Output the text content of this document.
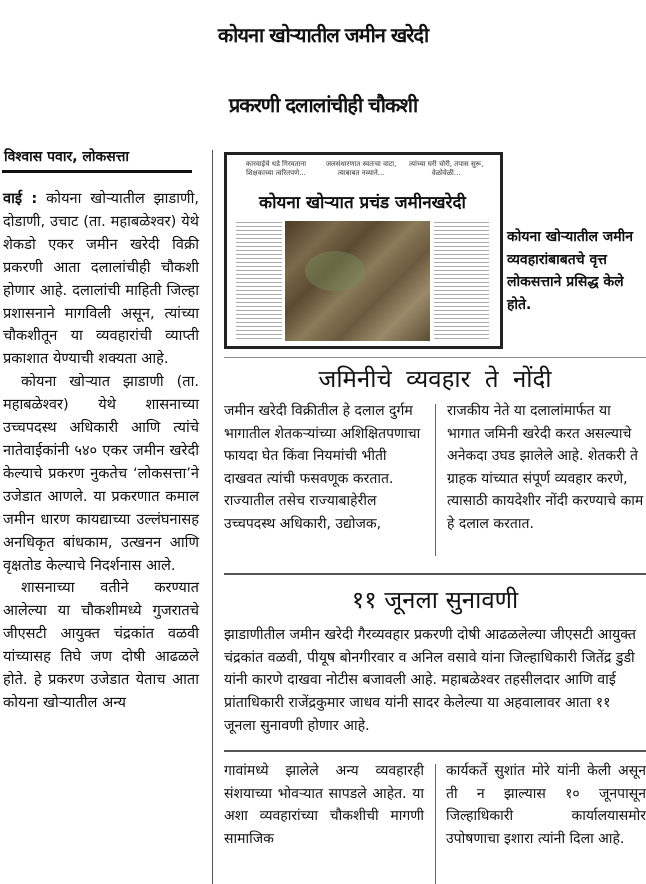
कोयना खोऱ्यातील जमीन खरेदी
प्रकरणी दलालांचीही चौकशी
विश्वास पवार, लोकसत्ता

वाई : कोयना खोऱ्यातील झाडाणी, दोडाणी, उचाट (ता. महाबळेश्वर) येथे शेकडो एकर जमीन खरेदी विक्री प्रकरणी आता दलालांचीही चौकशी होणार आहे. दलालांची माहिती जिल्हा प्रशासनाने मागविली असून, त्यांच्या चौकशीतून या व्यवहारांची व्याप्ती प्रकाशात येण्याची शक्यता आहे.

कोयना खोऱ्यात झाडाणी (ता. महाबळेश्वर) येथे शासनाच्या उच्चपदस्थ अधिकारी आणि त्यांचे नातेवाईकांनी ५४० एकर जमीन खरेदी केल्याचे प्रकरण नुकतेच ‘लोकसत्ता’ने उजेडात आणले. या प्रकरणात कमाल जमीन धारण कायद्याच्या उल्लंघनासह अनधिकृत बांधकाम, उत्खनन आणि वृक्षतोड केल्याचे निदर्शनास आले.

शासनाच्या वतीने करण्यात आलेल्या या चौकशीमध्ये गुजरातचे जीएसटी आयुक्त चंद्रकांत वळवी यांच्यासह तिघे जण दोषी आढळले होते. हे प्रकरण उजेडात येताच आता कोयना खोऱ्यातील अन्य

कारवाईचे धडे गिरवताना शिक्षकाच्या त्वरितपणे... जलसंधारणात स्वतःचा वाटा, त्याबाबत नव्याने... त्यांच्या घरी चोरी, तपास सुरू, वेळोवेळी...
कोयना खोऱ्यात प्रचंड जमीनखरेदी
कोयना खोऱ्यातील जमीन व्यवहारांबाबतचे वृत्त लोकसत्ताने प्रसिद्ध केले होते.
जमिनीचे व्यवहार ते नोंदी
जमीन खरेदी विक्रीतील हे दलाल दुर्गम भागातील शेतकऱ्यांच्या अशिक्षितपणाचा फायदा घेत किंवा नियमांची भीती दाखवत त्यांची फसवणूक करतात. राज्यातील तसेच राज्याबाहेरील उच्चपदस्थ अधिकारी, उद्योजक,
राजकीय नेते या दलालांमार्फत या भागात जमिनी खरेदी करत असल्याचे अनेकदा उघड झालेले आहे. शेतकरी ते ग्राहक यांच्यात संपूर्ण व्यवहार करणे, त्यासाठी कायदेशीर नोंदी करण्याचे काम हे दलाल करतात.
११ जूनला सुनावणी
झाडाणीतील जमीन खरेदी गैरव्यवहार प्रकरणी दोषी आढळलेल्या जीएसटी आयुक्त चंद्रकांत वळवी, पीयूष बोनगीरवार व अनिल वसावे यांना जिल्हाधिकारी जितेंद्र डुडी यांनी कारणे दाखवा नोटीस बजावली आहे. महाबळेश्वर तहसीलदार आणि वाई प्रांताधिकारी राजेंद्रकुमार जाधव यांनी सादर केलेल्या या अहवालावर आता ११ जूनला सुनावणी होणार आहे.
गावांमध्ये झालेले अन्य व्यवहारही संशयाच्या भोवऱ्यात सापडले आहेत. या अशा व्यवहारांच्या चौकशीची मागणी सामाजिक
कार्यकर्ते सुशांत मोरे यांनी केली असून ती न झाल्यास १० जूनपासून जिल्हाधिकारी कार्यालयासमोर उपोषणाचा इशारा त्यांनी दिला आहे.
